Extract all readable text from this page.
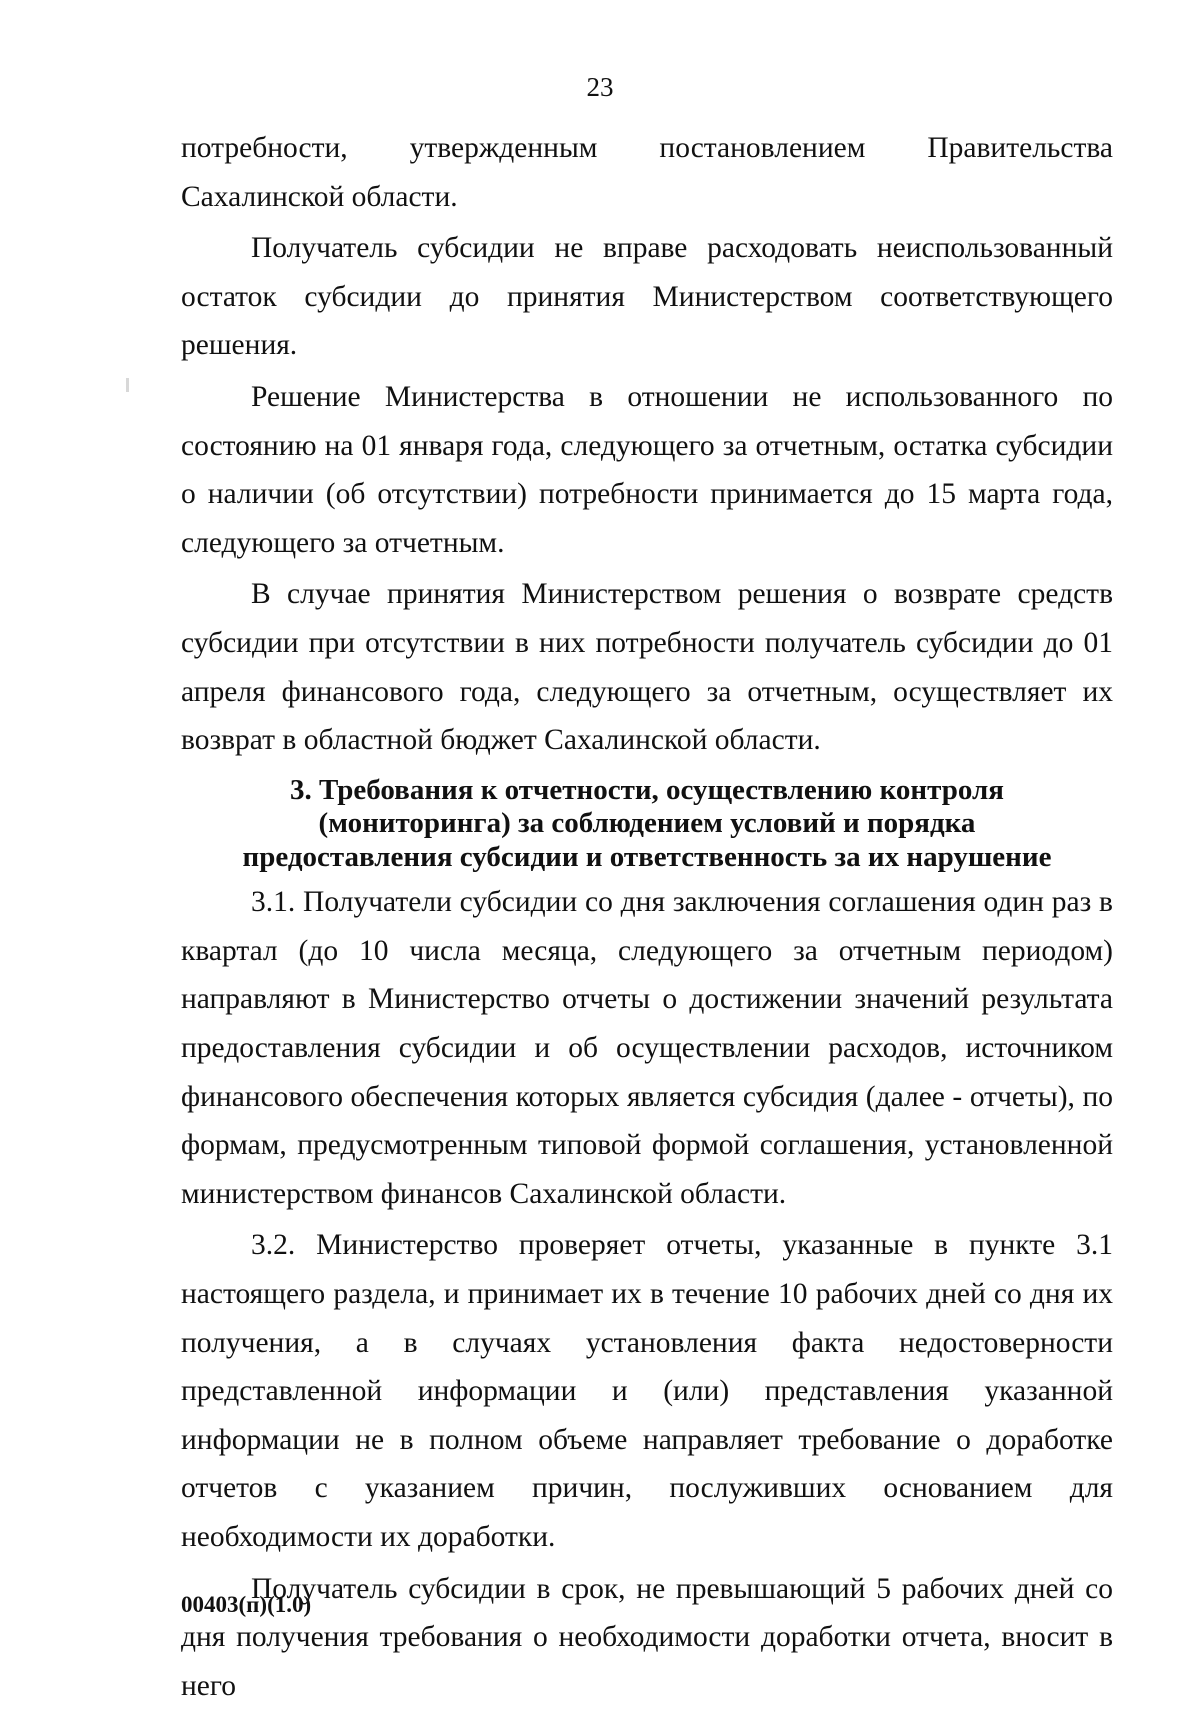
23

потребности, утвержденным постановлением Правительства Сахалинской области.

Получатель субсидии не вправе расходовать неиспользованный остаток субсидии до принятия Министерством соответствующего решения.

Решение Министерства в отношении не использованного по состоянию на 01 января года, следующего за отчетным, остатка субсидии о наличии (об отсутствии) потребности принимается до 15 марта года, следующего за отчетным.

В случае принятия Министерством решения о возврате средств субсидии при отсутствии в них потребности получатель субсидии до 01 апреля финансового года, следующего за отчетным, осуществляет их возврат в областной бюджет Сахалинской области.

3. Требования к отчетности, осуществлению контроля
(мониторинга) за соблюдением условий и порядка
предоставления субсидии и ответственность за их нарушение

3.1. Получатели субсидии со дня заключения соглашения один раз в квартал (до 10 числа месяца, следующего за отчетным периодом) направляют в Министерство отчеты о достижении значений результата предоставления субсидии и об осуществлении расходов, источником финансового обеспечения которых является субсидия (далее - отчеты), по формам, предусмотренным типовой формой соглашения, установленной министерством финансов Сахалинской области.

3.2. Министерство проверяет отчеты, указанные в пункте 3.1 настоящего раздела, и принимает их в течение 10 рабочих дней со дня их получения, а в случаях установления факта недостоверности представленной информации и (или) представления указанной информации не в полном объеме направляет требование о доработке отчетов с указанием причин, послуживших основанием для необходимости их доработки.

Получатель субсидии в срок, не превышающий 5 рабочих дней со дня получения требования о необходимости доработки отчета, вносит в него

00403(п)(1.0)
